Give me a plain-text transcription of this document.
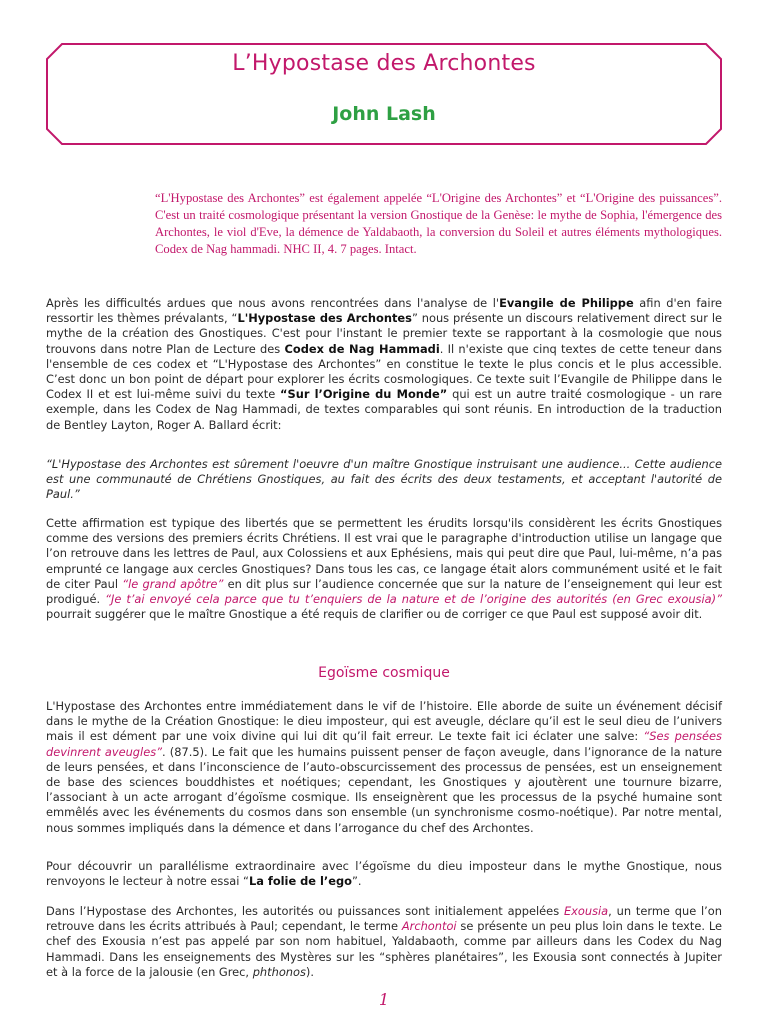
L’Hypostase des Archontes
John Lash

“L'Hypostase des Archontes” est également appelée “L'Origine des Archontes” et “L'Origine des puissances”. C'est un traité cosmologique présentant la version Gnostique de la Genèse: le mythe de Sophia, l'émergence des Archontes, le viol d'Eve, la démence de Yaldabaoth, la conversion du Soleil et autres éléments mythologiques. Codex de Nag hammadi. NHC II, 4. 7 pages. Intact.

Après les difficultés ardues que nous avons rencontrées dans l'analyse de l'Evangile de Philippe afin d'en faire ressortir les thèmes prévalants, “L'Hypostase des Archontes” nous présente un discours relativement direct sur le mythe de la création des Gnostiques. C'est pour l'instant le premier texte se rapportant à la cosmologie que nous trouvons dans notre Plan de Lecture des Codex de Nag Hammadi. Il n'existe que cinq textes de cette teneur dans l'ensemble de ces codex et “L'Hypostase des Archontes” en constitue le texte le plus concis et le plus accessible. C’est donc un bon point de départ pour explorer les écrits cosmologiques. Ce texte suit l’Evangile de Philippe dans le Codex II et est lui-même suivi du texte “Sur l’Origine du Monde” qui est un autre traité cosmologique - un rare exemple, dans les Codex de Nag Hammadi, de textes comparables qui sont réunis. En introduction de la traduction de Bentley Layton, Roger A. Ballard écrit:

“L'Hypostase des Archontes est sûrement l'oeuvre d'un maître Gnostique instruisant une audience... Cette audience est une communauté de Chrétiens Gnostiques, au fait des écrits des deux testaments, et acceptant l'autorité de Paul.”

Cette affirmation est typique des libertés que se permettent les érudits lorsqu'ils considèrent les écrits Gnostiques comme des versions des premiers écrits Chrétiens. Il est vrai que le paragraphe d'introduction utilise un langage que l’on retrouve dans les lettres de Paul, aux Colossiens et aux Ephésiens, mais qui peut dire que Paul, lui-même, n’a pas emprunté ce langage aux cercles Gnostiques? Dans tous les cas, ce langage était alors communément usité et le fait de citer Paul “le grand apôtre” en dit plus sur l’audience concernée que sur la nature de l’enseignement qui leur est prodigué. “Je t’ai envoyé cela parce que tu t’enquiers de la nature et de l’origine des autorités (en Grec exousia)” pourrait suggérer que le maître Gnostique a été requis de clarifier ou de corriger ce que Paul est supposé avoir dit.

Egoïsme cosmique

L'Hypostase des Archontes entre immédiatement dans le vif de l’histoire. Elle aborde de suite un événement décisif dans le mythe de la Création Gnostique: le dieu imposteur, qui est aveugle, déclare qu’il est le seul dieu de l’univers mais il est dément par une voix divine qui lui dit qu’il fait erreur. Le texte fait ici éclater une salve: “Ses pensées devinrent aveugles”. (87.5). Le fait que les humains puissent penser de façon aveugle, dans l’ignorance de la nature de leurs pensées, et dans l’inconscience de l’auto-obscurcissement des processus de pensées, est un enseignement de base des sciences bouddhistes et noétiques; cependant, les Gnostiques y ajoutèrent une tournure bizarre, l’associant à un acte arrogant d’égoïsme cosmique. Ils enseignèrent que les processus de la psyché humaine sont emmêlés avec les événements du cosmos dans son ensemble (un synchronisme cosmo-noétique). Par notre mental, nous sommes impliqués dans la démence et dans l’arrogance du chef des Archontes.

Pour découvrir un parallélisme extraordinaire avec l’égoïsme du dieu imposteur dans le mythe Gnostique, nous renvoyons le lecteur à notre essai “La folie de l’ego”.

Dans l’Hypostase des Archontes, les autorités ou puissances sont initialement appelées Exousia, un terme que l’on retrouve dans les écrits attribués à Paul; cependant, le terme Archontoi se présente un peu plus loin dans le texte. Le chef des Exousia n’est pas appelé par son nom habituel, Yaldabaoth, comme par ailleurs dans les Codex du Nag Hammadi. Dans les enseignements des Mystères sur les “sphères planétaires”, les Exousia sont connectés à Jupiter et à la force de la jalousie (en Grec, phthonos).

1
